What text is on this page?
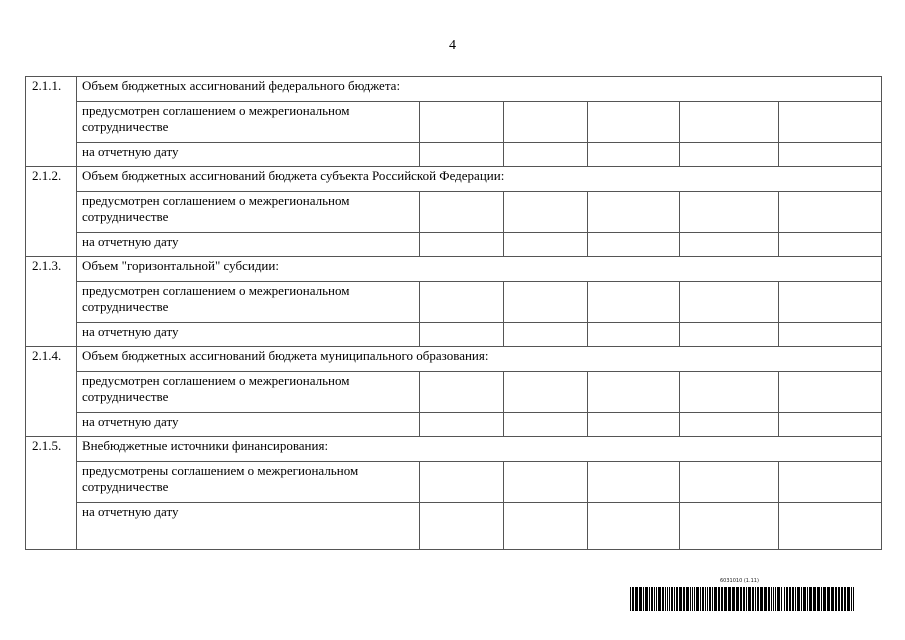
4
2.1.1.	Объем бюджетных ассигнований федерального бюджета:					
	предусмотрен соглашением о межрегиональном сотрудничестве					
	на отчетную дату					
2.1.2.	Объем бюджетных ассигнований бюджета субъекта Российской Федерации:					
	предусмотрен соглашением о межрегиональном сотрудничестве					
	на отчетную дату					
2.1.3.	Объем "горизонтальной" субсидии:					
	предусмотрен соглашением о межрегиональном сотрудничестве					
	на отчетную дату					
2.1.4.	Объем бюджетных ассигнований бюджета муниципального образования:					
	предусмотрен соглашением о межрегиональном сотрудничестве					
	на отчетную дату					
2.1.5.	Внебюджетные источники финансирования:					
	предусмотрены соглашением о межрегиональном сотрудничестве					
	на отчетную дату					
6031010 (1.11)
